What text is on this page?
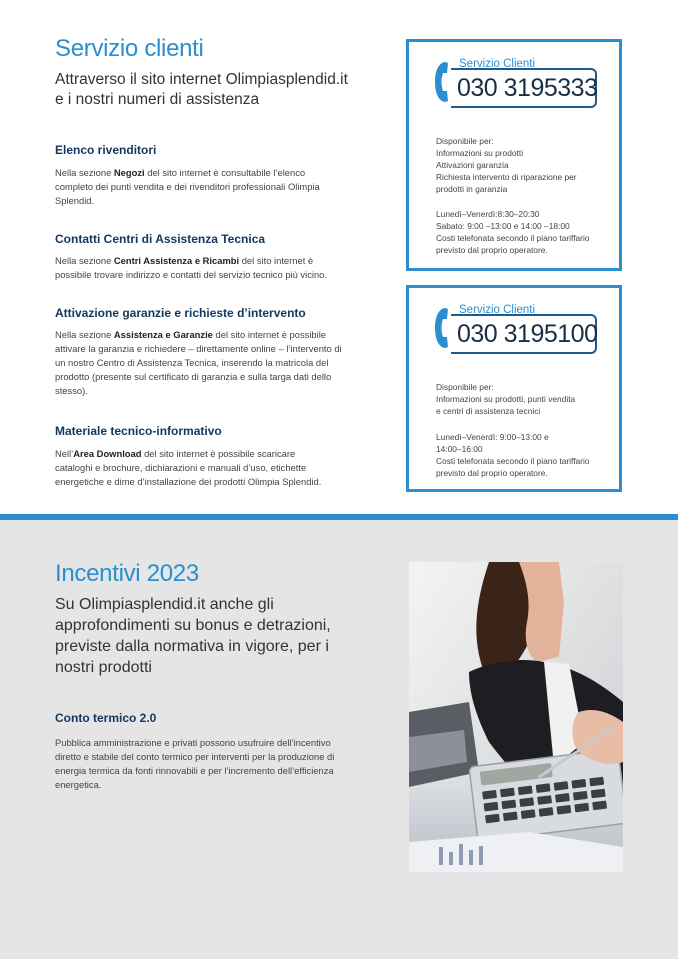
Servizio clienti

Attraverso il sito internet Olimpiasplendid.it
e i nostri numeri di assistenza

Elenco rivenditori

Nella sezione Negozi del sito internet è consultabile l’elenco completo dei punti vendita e dei rivenditori professionali Olimpia Splendid.

Contatti Centri di Assistenza Tecnica

Nella sezione Centri Assistenza e Ricambi del sito internet è possibile trovare indirizzo e contatti del servizio tecnico più vicino.

Attivazione garanzie e richieste d’intervento

Nella sezione Assistenza e Garanzie del sito internet è possibile attivare la garanzia e richiedere – direttamente online – l’intervento di un nostro Centro di Assistenza Tecnica, inserendo la matricola del prodotto (presente sul certificato di garanzia e sulla targa dati dello stesso).

Materiale tecnico-informativo

Nell’Area Download del sito internet è possibile scaricare cataloghi e brochure, dichiarazioni e manuali d’uso, etichette energetiche e dime d’installazione dei prodotti Olimpia Splendid.

Servizio Clienti
030 3195333

Disponibile per:
Informazioni su prodotti
Attivazioni garanzia
Richiesta intervento di riparazione per
prodotti in garanzia

Lunedì–Venerdì:8:30–20:30
Sabato: 9:00 –13:00 e 14:00 –18:00
Costi telefonata secondo il piano tariffario
previsto dal proprio operatore.

Servizio Clienti
030 3195100

Disponibile per:
Informazioni su prodotti, punti vendita
e centri di assistenza tecnici

Lunedì–Venerdì: 9:00–13:00 e
14:00–16:00
Costi telefonata secondo il piano tariffario
previsto dal proprio operatore.

Incentivi 2023

Su Olimpiasplendid.it anche gli approfondimenti su bonus e detrazioni, previste dalla normativa in vigore, per i nostri prodotti

Conto termico 2.0

Pubblica amministrazione e privati possono usufruire dell’incentivo diretto e stabile del conto termico per interventi per la produzione di energia termica da fonti rinnovabili e per l’incremento dell’efficienza energetica.
